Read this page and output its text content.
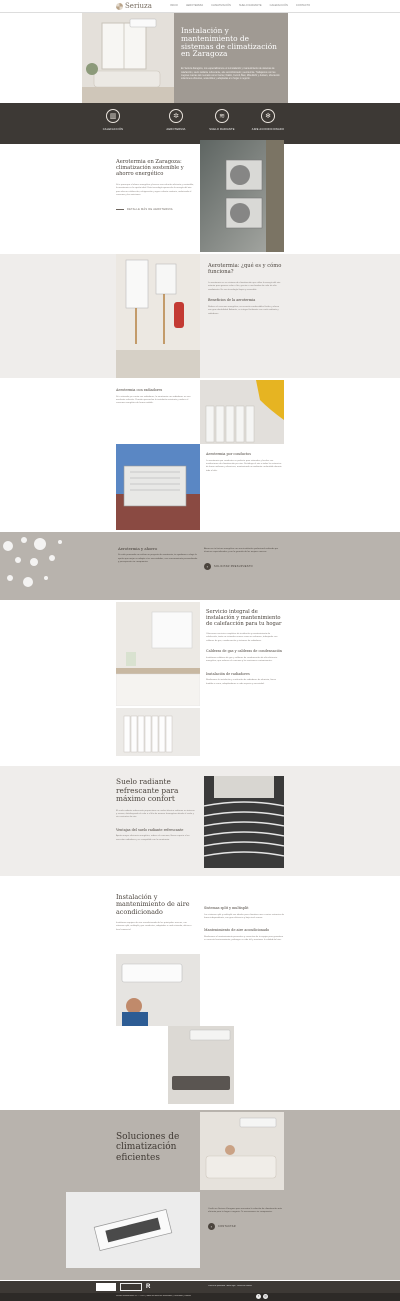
Seriuza	INICIO	AEROTERMIA	CLIMATIZACIÓN	SUELO RADIANTE	CALEFACCIÓN	CONTACTO
Instalación y mantenimiento de sistemas de climatización en Zaragoza
En Seriuza Zaragoza, nos especializamos en la instalación y mantenimiento de sistemas de calefacción, suelo radiante refrescante, aire acondicionado y aerotermia. Trabajamos con las mejores marcas del mercado como Carrier, Daikin, Ferroli, Baxi, Mitsubishi y Junkers, ofreciendo soluciones eficientes, sostenibles y adaptadas a tu hogar o negocio.
▥
CALEFACCIÓN
✲
AEROTERMIA
≋
SUELO RADIANTE
❄
AIRE ACONDICIONADO
Aerotermia en Zaragoza: climatización sostenible y ahorro energético
Si te preocupa el ahorro energético y buscas una solución eficiente y sostenible, la aerotermia es la opción ideal. Esta tecnología aprovecha la energía del aire para ofrecer calefacción, refrigeración y agua caliente sanitaria, reduciendo el consumo y las emisiones.
DETALLE MÁS DE AEROTERMIA
Aerotermia: ¿qué es y cómo funciona?
La aerotermia es un sistema de climatización que utiliza la energía del aire exterior para generar calor o frío, gracias a una bomba de calor de alto rendimiento. Es una tecnología limpia y renovable.
Beneficios de la aerotermia
Reduce el consumo energético, no necesita combustibles fósiles y ofrece una gran durabilidad. Además, se integra fácilmente con suelo radiante y radiadores.
Aerotermia con radiadores
Si tu vivienda ya cuenta con radiadores, la aerotermia con radiadores es una excelente solución. Permite aprovechar la instalación existente y reducir el consumo energético de forma notable.
Aerotermia por conductos
La aerotermia por conductos es perfecta para viviendas y locales con instalaciones de climatización por aire. Distribuye el aire a todas las estancias de forma uniforme y silenciosa, manteniendo un ambiente confortable durante todo el año.
Aerotermia y ahorro
Si estás pensando en realizar un proyecto de aerotermia, te ayudamos a elegir la opción que mejor se adapte a tus necesidades, con asesoramiento personalizado y presupuesto sin compromiso.
Ahorra en tu factura energética con una instalación profesional realizada por técnicos especializados y con la garantía de las mejores marcas.
›	SOLICITAR PRESUPUESTO
Servicio integral de instalación y mantenimiento de calefacción para tu hogar
Ofrecemos servicios completos de instalación y mantenimiento de calefacción, tanto en viviendas nuevas como en reformas, trabajando con calderas de gas, condensación y sistemas de radiadores.
Calderas de gas y calderas de condensación
Instalamos calderas de gas y calderas de condensación de alta eficiencia energética, que reducen el consumo y las emisiones contaminantes.
Instalación de radiadores
Realizamos la instalación y sustitución de radiadores de aluminio, hierro fundido o acero, adaptándonos a cada espacio y necesidad.
Suelo radiante refrescante para máximo confort
El suelo radiante refrescante proporciona un confort térmico uniforme en invierno y verano, distribuyendo el calor o el frío de manera homogénea desde el suelo y sin corrientes de aire.
Ventajas del suelo radiante refrescante
Aporta mayor eficiencia energética, reduce el consumo, libera espacio al no necesitar radiadores y es compatible con la aerotermia.
Instalación y mantenimiento de aire acondicionado
Instalamos equipos de aire acondicionado de las principales marcas, con sistemas split, multisplit y por conductos, adaptados a cada vivienda, oficina o local comercial.
Sistemas split y multisplit
Los sistemas split y multisplit son ideales para climatizar una o varias estancias de forma independiente, con gran eficiencia y bajo nivel sonoro.
Mantenimiento de aire acondicionado
Realizamos el mantenimiento preventivo y correctivo de tu equipo para garantizar su correcto funcionamiento, prolongar su vida útil y mantener la calidad del aire.
Soluciones de climatización eficientes
Confía en Seriuza Zaragoza para encontrar la solución de climatización más eficiente para tu hogar o negocio. Te asesoramos sin compromiso.
›	CONTACTAR
R	Política de privacidad · Aviso legal · Política de cookies
Seriuza Instalaciones S.L. © 2024 | Todos los derechos reservados | Privacidad | Cookies	f	◎
